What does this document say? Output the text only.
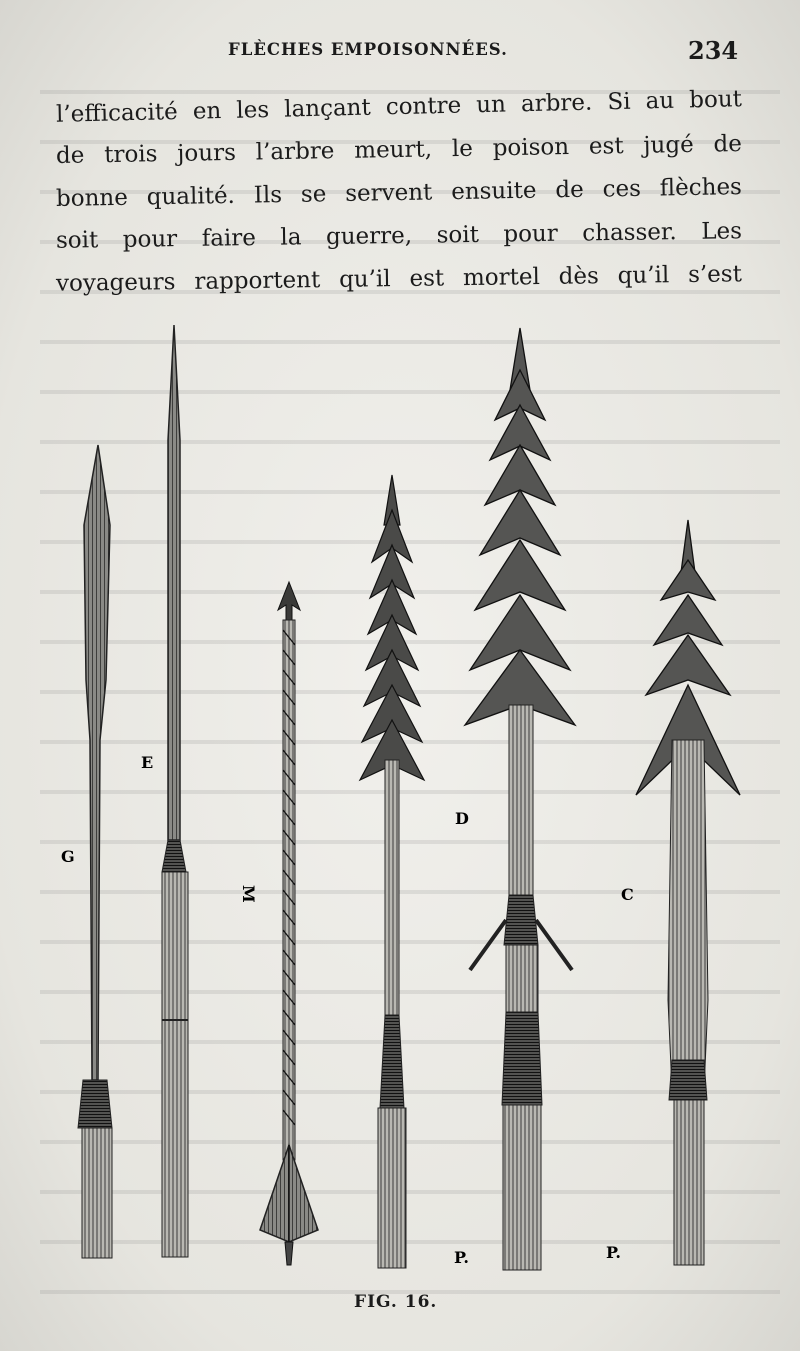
FLÈCHES EMPOISONNÉES.	234
l’efficacité en les lançant contre un arbre. Si au bout
de trois jours l’arbre meurt, le poison est jugé de
bonne qualité. Ils se servent ensuite de ces flèches
soit pour faire la guerre, soit pour chasser. Les
voyageurs rapportent qu’il est mortel dès qu’il s’est
G
E
M
D
C
P.	P.
FIG. 16.
